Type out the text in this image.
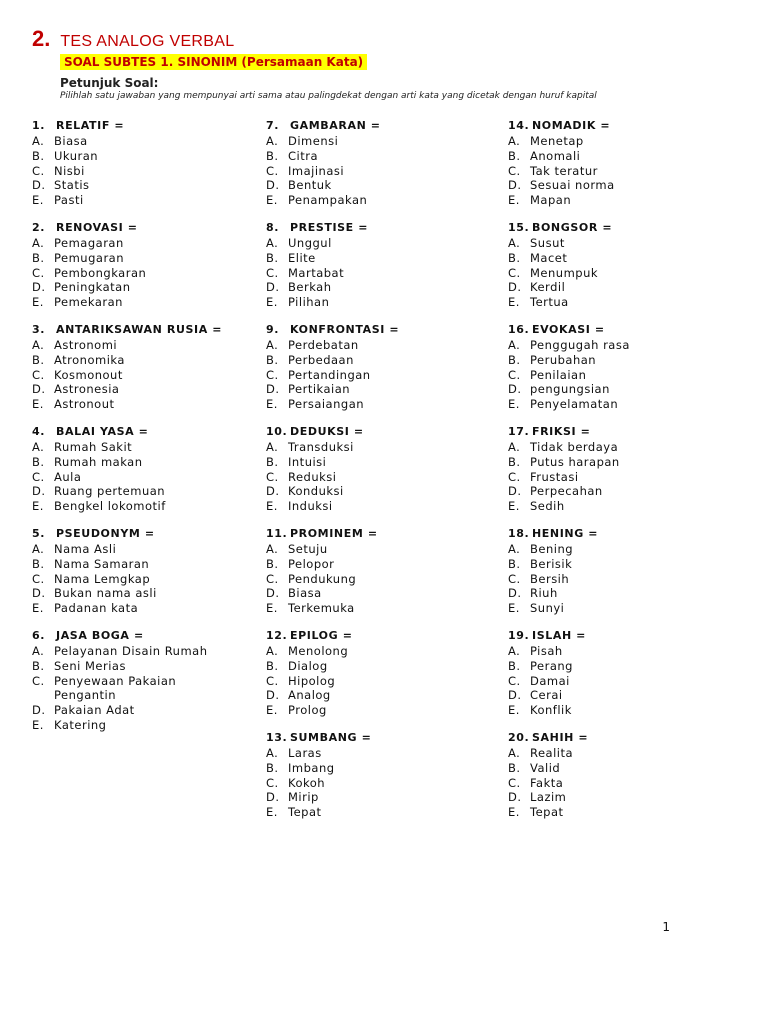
2. TES ANALOG VERBAL
SOAL SUBTES 1. SINONIM (Persamaan Kata)
Petunjuk Soal:
Pilihlah satu jawaban yang mempunyai arti sama atau palingdekat dengan arti kata yang dicetak dengan huruf kapital
1. RELATIF =
A. Biasa
B. Ukuran
C. Nisbi
D. Statis
E. Pasti
2. RENOVASI =
A. Pemagaran
B. Pemugaran
C. Pembongkaran
D. Peningkatan
E. Pemekaran
3. ANTARIKSAWAN RUSIA =
A. Astronomi
B. Atronomika
C. Kosmonout
D. Astronesia
E. Astronout
4. BALAI YASA =
A. Rumah Sakit
B. Rumah makan
C. Aula
D. Ruang pertemuan
E. Bengkel lokomotif
5. PSEUDONYM =
A. Nama Asli
B. Nama Samaran
C. Nama Lemgkap
D. Bukan nama asli
E. Padanan kata
6. JASA BOGA =
A. Pelayanan Disain Rumah
B. Seni Merias
C. Penyewaan Pakaian
Pengantin
D. Pakaian Adat
E. Katering
7. GAMBARAN =
A. Dimensi
B. Citra
C. Imajinasi
D. Bentuk
E. Penampakan
8. PRESTISE =
A. Unggul
B. Elite
C. Martabat
D. Berkah
E. Pilihan
9. KONFRONTASI =
A. Perdebatan
B. Perbedaan
C. Pertandingan
D. Pertikaian
E. Persaiangan
10. DEDUKSI =
A. Transduksi
B. Intuisi
C. Reduksi
D. Konduksi
E. Induksi
11. PROMINEM =
A. Setuju
B. Pelopor
C. Pendukung
D. Biasa
E. Terkemuka
12. EPILOG =
A. Menolong
B. Dialog
C. Hipolog
D. Analog
E. Prolog
13. SUMBANG =
A. Laras
B. Imbang
C. Kokoh
D. Mirip
E. Tepat
14. NOMADIK =
A. Menetap
B. Anomali
C. Tak teratur
D. Sesuai norma
E. Mapan
15. BONGSOR =
A. Susut
B. Macet
C. Menumpuk
D. Kerdil
E. Tertua
16. EVOKASI =
A. Penggugah rasa
B. Perubahan
C. Penilaian
D. pengungsian
E. Penyelamatan
17. FRIKSI =
A. Tidak berdaya
B. Putus harapan
C. Frustasi
D. Perpecahan
E. Sedih
18. HENING =
A. Bening
B. Berisik
C. Bersih
D. Riuh
E. Sunyi
19. ISLAH =
A. Pisah
B. Perang
C. Damai
D. Cerai
E. Konflik
20. SAHIH =
A. Realita
B. Valid
C. Fakta
D. Lazim
E. Tepat
1
